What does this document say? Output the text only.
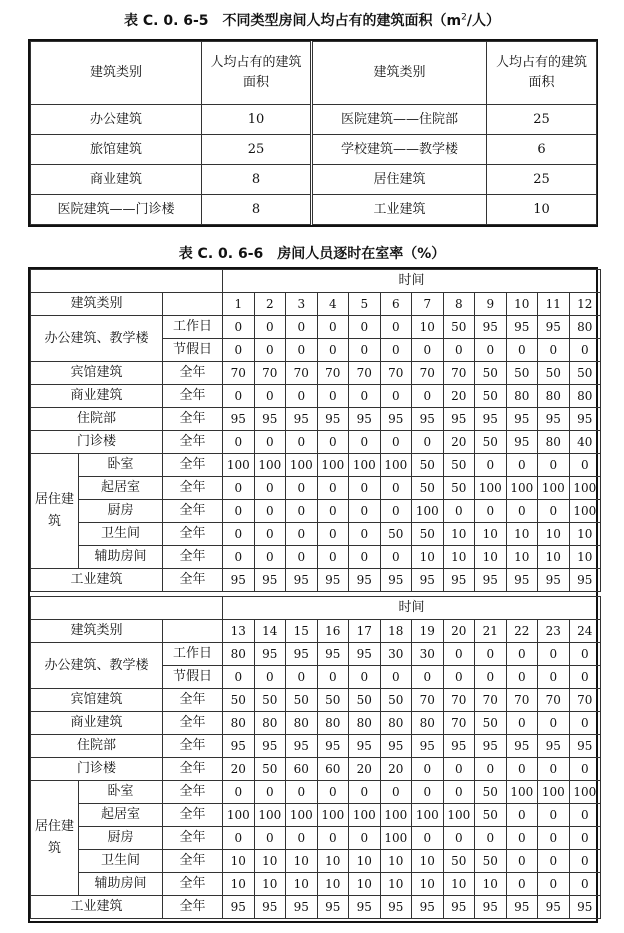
表 C. 0. 6-5　不同类型房间人均占有的建筑面积（$m^2/$人）
建筑类别	人均占有的建筑面积	建筑类别	人均占有的建筑面积
办公建筑	10	医院建筑——住院部	25
旅馆建筑	25	学校建筑——教学楼	6
商业建筑	8	居住建筑	25
医院建筑——门诊楼	8	工业建筑	10
表 C. 0. 6-6　房间人员逐时在室率（%）
			时间											
建筑类别			1	2	3	4	5	6	7	8	9	10	11	12
办公建筑、教学楼		工作日	0	0	0	0	0	0	10	50	95	95	95	80
		节假日	0	0	0	0	0	0	0	0	0	0	0	0
宾馆建筑		全年	70	70	70	70	70	70	70	70	50	50	50	50
商业建筑		全年	0	0	0	0	0	0	0	20	50	80	80	80
住院部		全年	95	95	95	95	95	95	95	95	95	95	95	95
门诊楼		全年	0	0	0	0	0	0	0	20	50	95	80	40
居住建筑	卧室	全年	100	100	100	100	100	100	50	50	0	0	0	0
	起居室	全年	0	0	0	0	0	0	50	50	100	100	100	100
	厨房	全年	0	0	0	0	0	0	100	0	0	0	0	100
	卫生间	全年	0	0	0	0	0	50	50	10	10	10	10	10
	辅助房间	全年	0	0	0	0	0	0	10	10	10	10	10	10
工业建筑		全年	95	95	95	95	95	95	95	95	95	95	95	95

			时间											
建筑类别			13	14	15	16	17	18	19	20	21	22	23	24
办公建筑、教学楼		工作日	80	95	95	95	95	30	30	0	0	0	0	0
		节假日	0	0	0	0	0	0	0	0	0	0	0	0
宾馆建筑		全年	50	50	50	50	50	50	70	70	70	70	70	70
商业建筑		全年	80	80	80	80	80	80	80	70	50	0	0	0
住院部		全年	95	95	95	95	95	95	95	95	95	95	95	95
门诊楼		全年	20	50	60	60	20	20	0	0	0	0	0	0
居住建筑	卧室	全年	0	0	0	0	0	0	0	0	50	100	100	100
	起居室	全年	100	100	100	100	100	100	100	100	50	0	0	0
	厨房	全年	0	0	0	0	0	100	0	0	0	0	0	0
	卫生间	全年	10	10	10	10	10	10	10	50	50	0	0	0
	辅助房间	全年	10	10	10	10	10	10	10	10	10	0	0	0
工业建筑		全年	95	95	95	95	95	95	95	95	95	95	95	95
